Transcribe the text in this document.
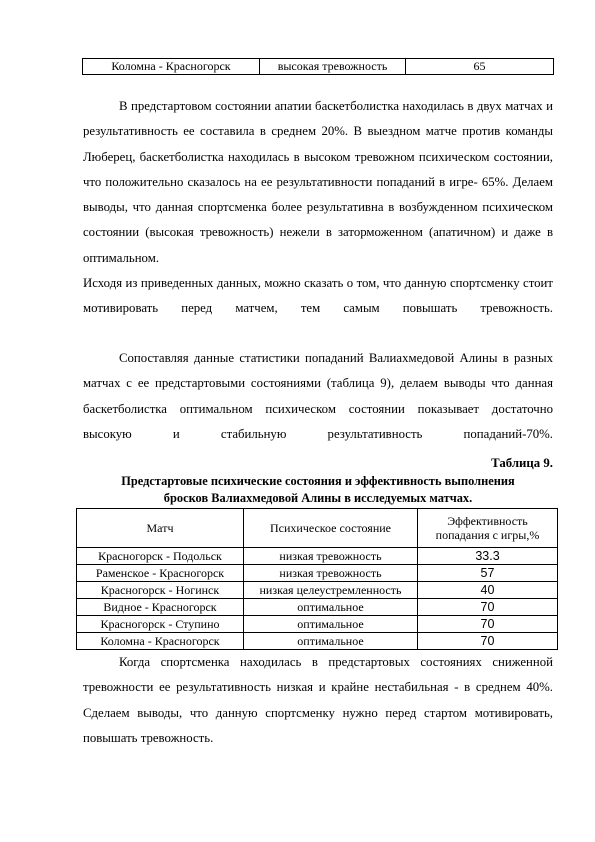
Коломна - Красногорск	высокая тревожность	65

В предстартовом состоянии апатии баскетболистка находилась в двух матчах и результативность ее составила в среднем 20%. В выездном матче против команды Люберец, баскетболистка находилась в высоком тревожном психическом состоянии, что положительно сказалось на ее результативности попаданий в игре- 65%. Делаем выводы, что данная спортсменка более результативна в возбужденном психическом состоянии (высокая тревожность) нежели в заторможенном (апатичном) и даже в оптимальном.

Исходя из приведенных данных, можно сказать о том, что данную спортсменку стоит мотивировать перед матчем, тем самым повышать тревожность.

Сопоставляя данные статистики попаданий Валиахмедовой Алины в разных матчах с ее предстартовыми состояниями (таблица 9), делаем выводы что данная баскетболистка оптимальном психическом состоянии показывает достаточно высокую и стабильную результативность попаданий-70%.

Таблица 9.

Предстартовые психические состояния и эффективность выполнения
бросков Валиахмедовой Алины в исследуемых матчах.

Матч	Психическое состояние	Эффективность попадания с игры,%
Красногорск - Подольск	низкая тревожность	33.3
Раменское - Красногорск	низкая тревожность	57
Красногорск - Ногинск	низкая целеустремленность	40
Видное - Красногорск	оптимальное	70
Красногорск - Ступино	оптимальное	70
Коломна - Красногорск	оптимальное	70

Когда спортсменка находилась в предстартовых состояниях сниженной тревожности ее результативность низкая и крайне нестабильная - в среднем 40%. Сделаем выводы, что данную спортсменку нужно перед стартом мотивировать, повышать тревожность.
